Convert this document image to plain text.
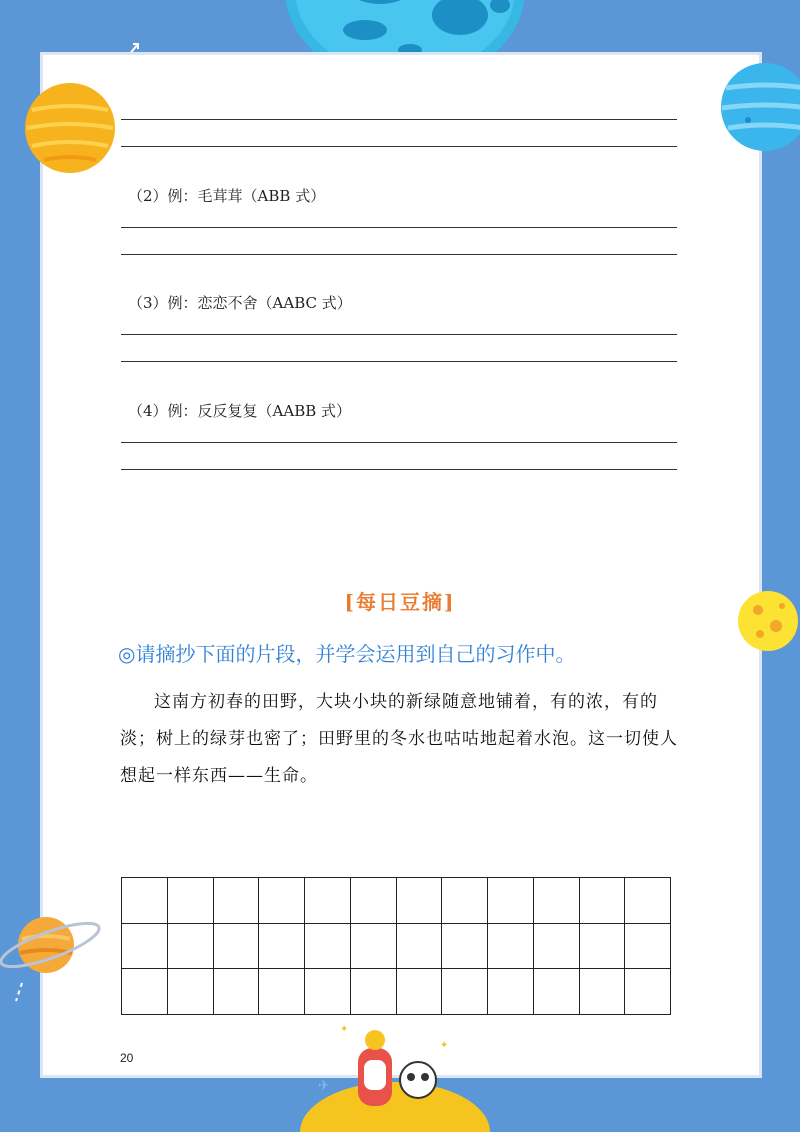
✦
✦
✈
（2）例：毛茸茸（ABB 式）
（3）例：恋恋不舍（AABC 式）
（4）例：反反复复（AABB 式）
[每日豆摘]
◎请摘抄下面的片段，并学会运用到自己的习作中。
这南方初春的田野，大块小块的新绿随意地铺着，有的浓，有的淡；树上的绿芽也密了；田野里的冬水也咕咕地起着水泡。这一切使人想起一样东西——生命。
20
